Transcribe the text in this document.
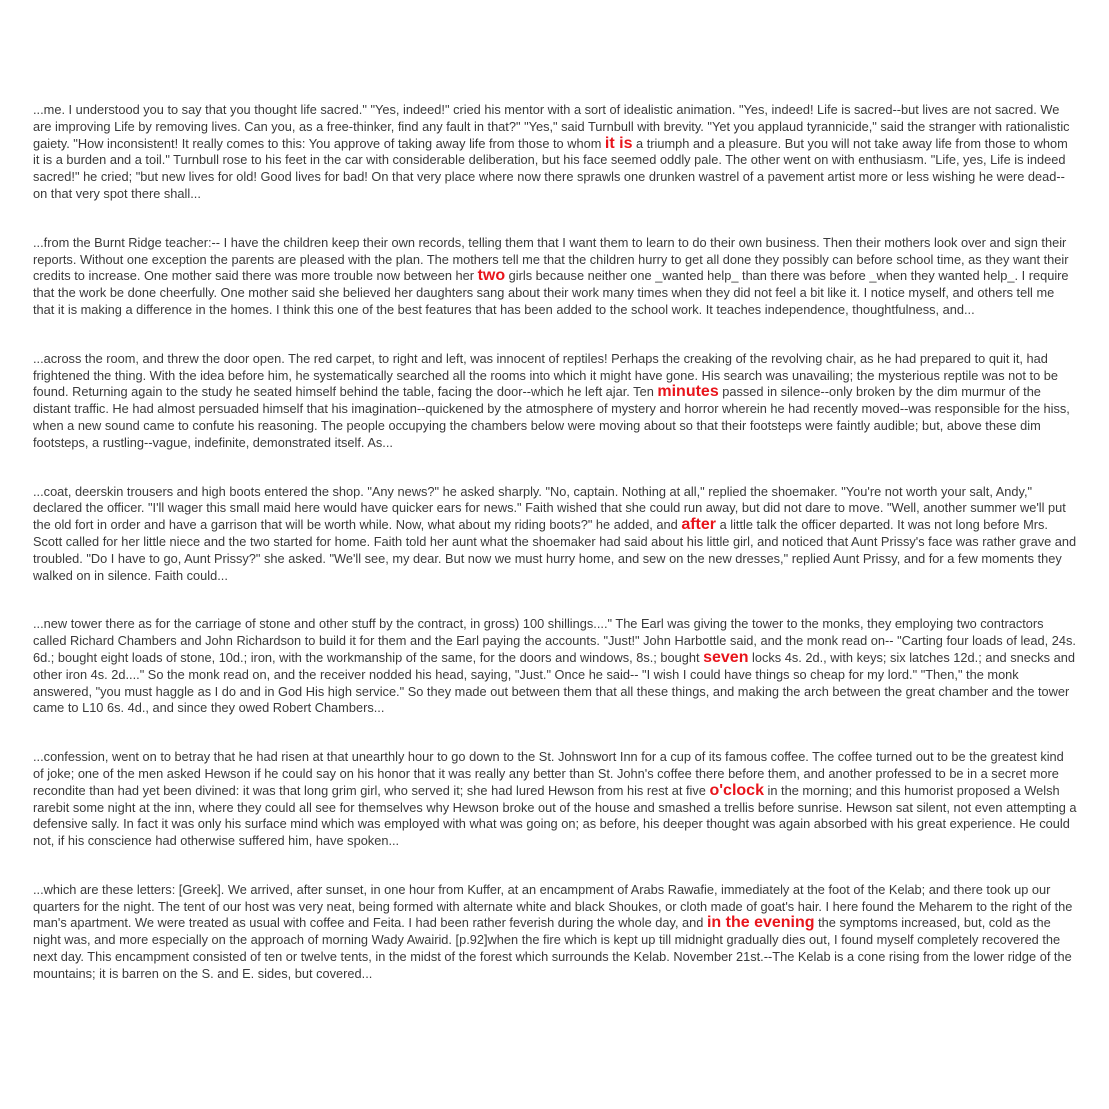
...me. I understood you to say that you thought life sacred." "Yes, indeed!" cried his mentor with a sort of idealistic animation. "Yes, indeed! Life is sacred--but lives are not sacred. We are improving Life by removing lives. Can you, as a free-thinker, find any fault in that?" "Yes," said Turnbull with brevity. "Yet you applaud tyrannicide," said the stranger with rationalistic gaiety. "How inconsistent! It really comes to this: You approve of taking away life from those to whom it is a triumph and a pleasure. But you will not take away life from those to whom it is a burden and a toil." Turnbull rose to his feet in the car with considerable deliberation, but his face seemed oddly pale. The other went on with enthusiasm. "Life, yes, Life is indeed sacred!" he cried; "but new lives for old! Good lives for bad! On that very place where now there sprawls one drunken wastrel of a pavement artist more or less wishing he were dead--on that very spot there shall...

...from the Burnt Ridge teacher:-- I have the children keep their own records, telling them that I want them to learn to do their own business. Then their mothers look over and sign their reports. Without one exception the parents are pleased with the plan. The mothers tell me that the children hurry to get all done they possibly can before school time, as they want their credits to increase. One mother said there was more trouble now between her two girls because neither one _wanted help_ than there was before _when they wanted help_. I require that the work be done cheerfully. One mother said she believed her daughters sang about their work many times when they did not feel a bit like it. I notice myself, and others tell me that it is making a difference in the homes. I think this one of the best features that has been added to the school work. It teaches independence, thoughtfulness, and...

...across the room, and threw the door open. The red carpet, to right and left, was innocent of reptiles! Perhaps the creaking of the revolving chair, as he had prepared to quit it, had frightened the thing. With the idea before him, he systematically searched all the rooms into which it might have gone. His search was unavailing; the mysterious reptile was not to be found. Returning again to the study he seated himself behind the table, facing the door--which he left ajar. Ten minutes passed in silence--only broken by the dim murmur of the distant traffic. He had almost persuaded himself that his imagination--quickened by the atmosphere of mystery and horror wherein he had recently moved--was responsible for the hiss, when a new sound came to confute his reasoning. The people occupying the chambers below were moving about so that their footsteps were faintly audible; but, above these dim footsteps, a rustling--vague, indefinite, demonstrated itself. As...

...coat, deerskin trousers and high boots entered the shop. "Any news?" he asked sharply. "No, captain. Nothing at all," replied the shoemaker. "You're not worth your salt, Andy," declared the officer. "I'll wager this small maid here would have quicker ears for news." Faith wished that she could run away, but did not dare to move. "Well, another summer we'll put the old fort in order and have a garrison that will be worth while. Now, what about my riding boots?" he added, and after a little talk the officer departed. It was not long before Mrs. Scott called for her little niece and the two started for home. Faith told her aunt what the shoemaker had said about his little girl, and noticed that Aunt Prissy's face was rather grave and troubled. "Do I have to go, Aunt Prissy?" she asked. "We'll see, my dear. But now we must hurry home, and sew on the new dresses," replied Aunt Prissy, and for a few moments they walked on in silence. Faith could...

...new tower there as for the carriage of stone and other stuff by the contract, in gross) 100 shillings...." The Earl was giving the tower to the monks, they employing two contractors called Richard Chambers and John Richardson to build it for them and the Earl paying the accounts. "Just!" John Harbottle said, and the monk read on-- "Carting four loads of lead, 24s. 6d.; bought eight loads of stone, 10d.; iron, with the workmanship of the same, for the doors and windows, 8s.; bought seven locks 4s. 2d., with keys; six latches 12d.; and snecks and other iron 4s. 2d...." So the monk read on, and the receiver nodded his head, saying, "Just." Once he said-- "I wish I could have things so cheap for my lord." "Then," the monk answered, "you must haggle as I do and in God His high service." So they made out between them that all these things, and making the arch between the great chamber and the tower came to L10 6s. 4d., and since they owed Robert Chambers...

...confession, went on to betray that he had risen at that unearthly hour to go down to the St. Johnswort Inn for a cup of its famous coffee. The coffee turned out to be the greatest kind of joke; one of the men asked Hewson if he could say on his honor that it was really any better than St. John's coffee there before them, and another professed to be in a secret more recondite than had yet been divined: it was that long grim girl, who served it; she had lured Hewson from his rest at five o'clock in the morning; and this humorist proposed a Welsh rarebit some night at the inn, where they could all see for themselves why Hewson broke out of the house and smashed a trellis before sunrise. Hewson sat silent, not even attempting a defensive sally. In fact it was only his surface mind which was employed with what was going on; as before, his deeper thought was again absorbed with his great experience. He could not, if his conscience had otherwise suffered him, have spoken...

...which are these letters: [Greek]. We arrived, after sunset, in one hour from Kuffer, at an encampment of Arabs Rawafie, immediately at the foot of the Kelab; and there took up our quarters for the night. The tent of our host was very neat, being formed with alternate white and black Shoukes, or cloth made of goat's hair. I here found the Meharem to the right of the man's apartment. We were treated as usual with coffee and Feita. I had been rather feverish during the whole day, and in the evening the symptoms increased, but, cold as the night was, and more especially on the approach of morning Wady Awairid. [p.92]when the fire which is kept up till midnight gradually dies out, I found myself completely recovered the next day. This encampment consisted of ten or twelve tents, in the midst of the forest which surrounds the Kelab. November 21st.--The Kelab is a cone rising from the lower ridge of the mountains; it is barren on the S. and E. sides, but covered...
